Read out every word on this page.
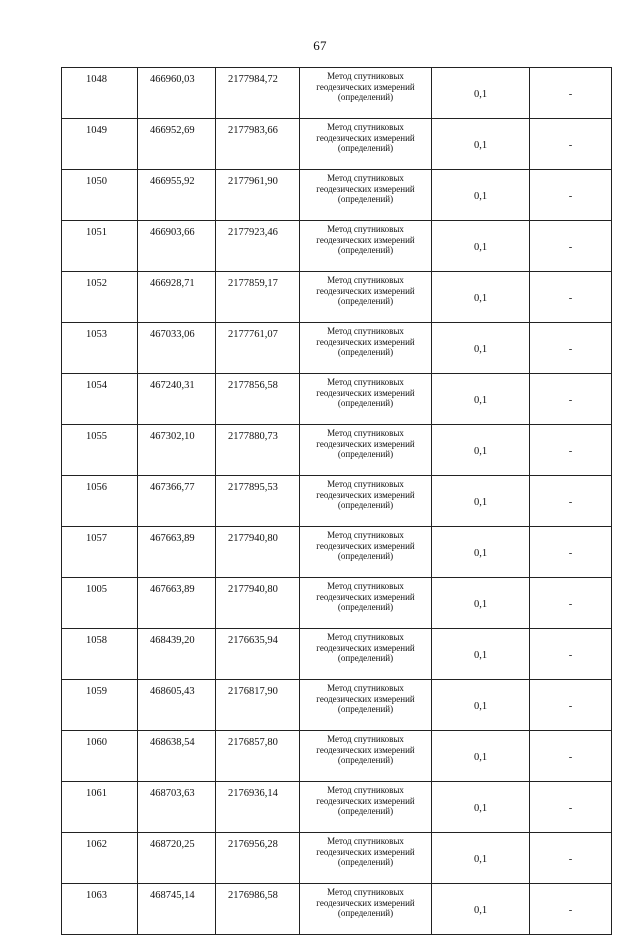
67
1048	466960,03	2177984,72	Метод спутниковых
геодезических измерений
(определений)	0,1	-
1049	466952,69	2177983,66	Метод спутниковых
геодезических измерений
(определений)	0,1	-
1050	466955,92	2177961,90	Метод спутниковых
геодезических измерений
(определений)	0,1	-
1051	466903,66	2177923,46	Метод спутниковых
геодезических измерений
(определений)	0,1	-
1052	466928,71	2177859,17	Метод спутниковых
геодезических измерений
(определений)	0,1	-
1053	467033,06	2177761,07	Метод спутниковых
геодезических измерений
(определений)	0,1	-
1054	467240,31	2177856,58	Метод спутниковых
геодезических измерений
(определений)	0,1	-
1055	467302,10	2177880,73	Метод спутниковых
геодезических измерений
(определений)	0,1	-
1056	467366,77	2177895,53	Метод спутниковых
геодезических измерений
(определений)	0,1	-
1057	467663,89	2177940,80	Метод спутниковых
геодезических измерений
(определений)	0,1	-
1005	467663,89	2177940,80	Метод спутниковых
геодезических измерений
(определений)	0,1	-
1058	468439,20	2176635,94	Метод спутниковых
геодезических измерений
(определений)	0,1	-
1059	468605,43	2176817,90	Метод спутниковых
геодезических измерений
(определений)	0,1	-
1060	468638,54	2176857,80	Метод спутниковых
геодезических измерений
(определений)	0,1	-
1061	468703,63	2176936,14	Метод спутниковых
геодезических измерений
(определений)	0,1	-
1062	468720,25	2176956,28	Метод спутниковых
геодезических измерений
(определений)	0,1	-
1063	468745,14	2176986,58	Метод спутниковых
геодезических измерений
(определений)	0,1	-
